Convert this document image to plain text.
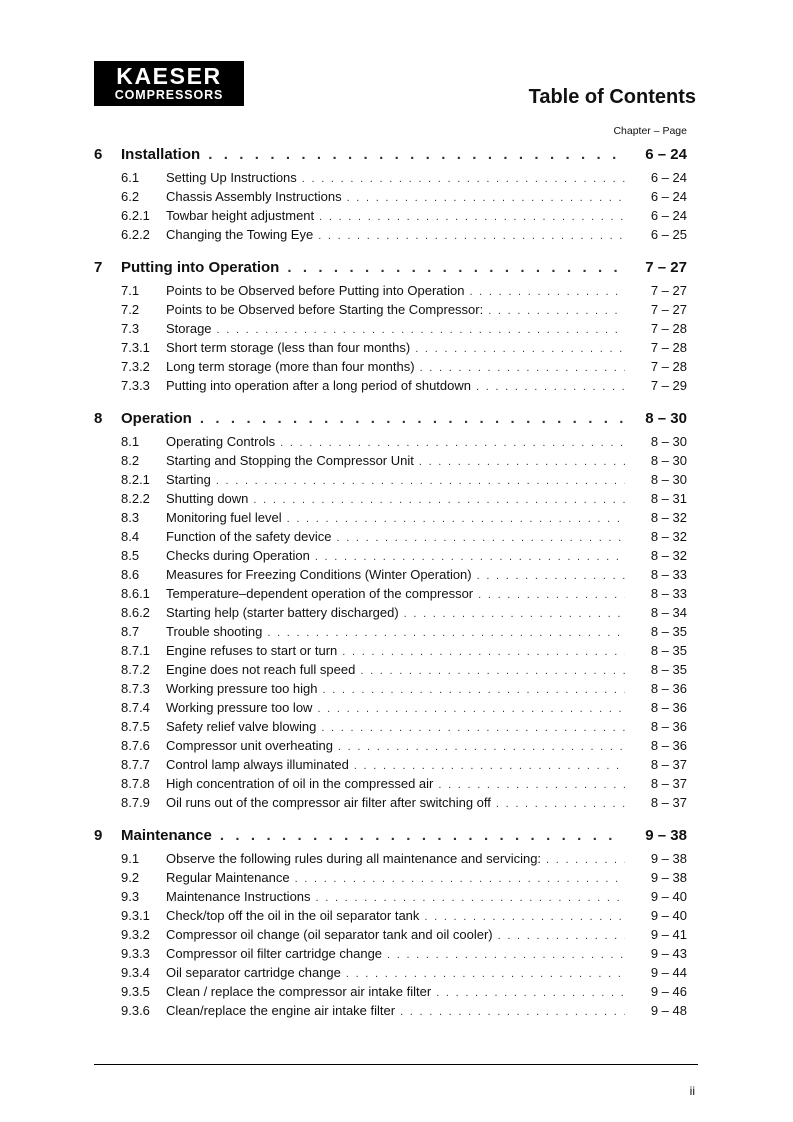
KAESER
COMPRESSORS	Table of Contents
Chapter – Page
6	Installation . . .	6 – 24
6.1	Setting Up Instructions . . .	6 – 24
6.2	Chassis Assembly Instructions . . .	6 – 24
6.2.1	Towbar height adjustment . . .	6 – 24
6.2.2	Changing the Towing Eye . . .	6 – 25
7	Putting into Operation . . .	7 – 27
7.1	Points to be Observed before Putting into Operation . . .	7 – 27
7.2	Points to be Observed before Starting the Compressor: . . .	7 – 27
7.3	Storage . . .	7 – 28
7.3.1	Short term storage (less than four months) . . .	7 – 28
7.3.2	Long term storage (more than four months) . . .	7 – 28
7.3.3	Putting into operation after a long period of shutdown . . .	7 – 29
8	Operation . . .	8 – 30
8.1	Operating Controls . . .	8 – 30
8.2	Starting and Stopping the Compressor Unit . . .	8 – 30
8.2.1	Starting . . .	8 – 30
8.2.2	Shutting down . . .	8 – 31
8.3	Monitoring fuel level . . .	8 – 32
8.4	Function of the safety device . . .	8 – 32
8.5	Checks during Operation . . .	8 – 32
8.6	Measures for Freezing Conditions (Winter Operation) . . .	8 – 33
8.6.1	Temperature–dependent operation of the compressor . . .	8 – 33
8.6.2	Starting help (starter battery discharged) . . .	8 – 34
8.7	Trouble shooting . . .	8 – 35
8.7.1	Engine refuses to start or turn . . .	8 – 35
8.7.2	Engine does not reach full speed . . .	8 – 35
8.7.3	Working pressure too high . . .	8 – 36
8.7.4	Working pressure too low . . .	8 – 36
8.7.5	Safety relief valve blowing . . .	8 – 36
8.7.6	Compressor unit overheating . . .	8 – 36
8.7.7	Control lamp always illuminated . . .	8 – 37
8.7.8	High concentration of oil in the compressed air . . .	8 – 37
8.7.9	Oil runs out of the compressor air filter after switching off . . .	8 – 37
9	Maintenance . . .	9 – 38
9.1	Observe the following rules during all maintenance and servicing: . . .	9 – 38
9.2	Regular Maintenance . . .	9 – 38
9.3	Maintenance Instructions . . .	9 – 40
9.3.1	Check/top off the oil in the oil separator tank . . .	9 – 40
9.3.2	Compressor oil change (oil separator tank and oil cooler) . . .	9 – 41
9.3.3	Compressor oil filter cartridge change . . .	9 – 43
9.3.4	Oil separator cartridge change . . .	9 – 44
9.3.5	Clean / replace the compressor air intake filter . . .	9 – 46
9.3.6	Clean/replace the engine air intake filter . . .	9 – 48
ii
